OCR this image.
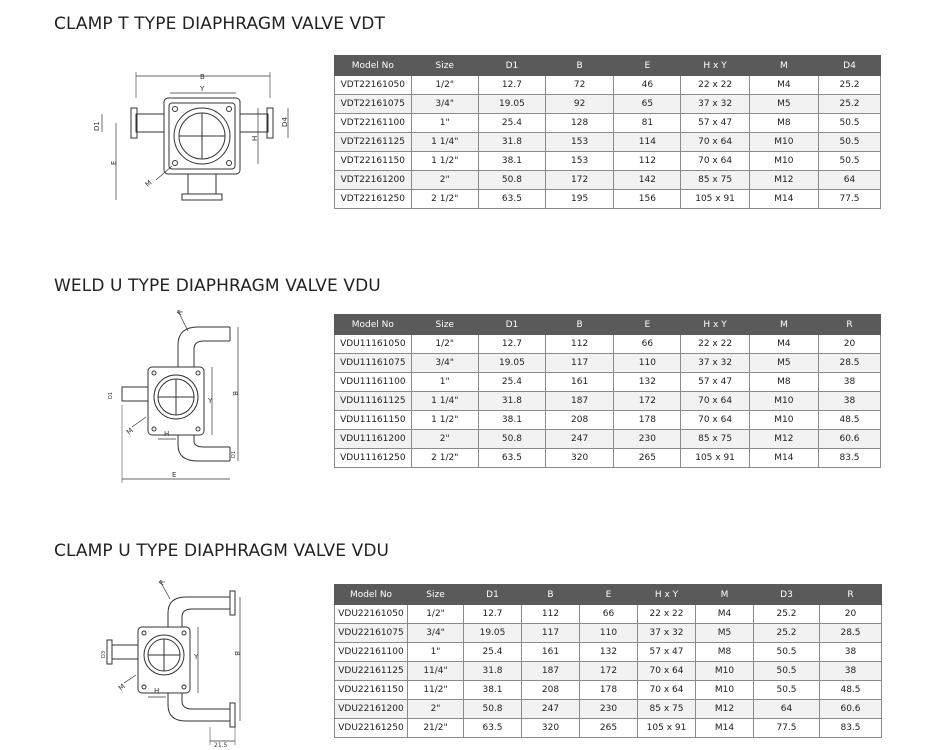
CLAMP T TYPE DIAPHRAGM VALVE VDT
B
Y
D1
H
D4
E
M
Model No	Size	D1	B	E	H x Y	M	D4
VDT22161050	1/2"	12.7	72	46	22 x 22	M4	25.2
VDT22161075	3/4"	19.05	92	65	37 x 32	M5	25.2
VDT22161100	1"	25.4	128	81	57 x 47	M8	50.5
VDT22161125	1 1/4"	31.8	153	114	70 x 64	M10	50.5
VDT22161150	1 1/2"	38.1	153	112	70 x 64	M10	50.5
VDT22161200	2"	50.8	172	142	85 x 75	M12	64
VDT22161250	2 1/2"	63.5	195	156	105 x 91	M14	77.5
WELD U TYPE DIAPHRAGM VALVE VDU
R
Y
B
D1
D1
M	H
E
Model No	Size	D1	B	E	H x Y	M	R
VDU11161050	1/2"	12.7	112	66	22 x 22	M4	20
VDU11161075	3/4"	19.05	117	110	37 x 32	M5	28.5
VDU11161100	1"	25.4	161	132	57 x 47	M8	38
VDU11161125	1 1/4"	31.8	187	172	70 x 64	M10	38
VDU11161150	1 1/2"	38.1	208	178	70 x 64	M10	48.5
VDU11161200	2"	50.8	247	230	85 x 75	M12	60.6
VDU11161250	2 1/2"	63.5	320	265	105 x 91	M14	83.5
CLAMP U TYPE DIAPHRAGM VALVE VDU
R
Y	B
D3
M	H
21.5
Model No	Size	D1	B	E	H x Y	M	D3	R
VDU22161050	1/2"	12.7	112	66	22 x 22	M4	25.2	20
VDU22161075	3/4"	19.05	117	110	37 x 32	M5	25.2	28.5
VDU22161100	1"	25.4	161	132	57 x 47	M8	50.5	38
VDU22161125	11/4"	31.8	187	172	70 x 64	M10	50.5	38
VDU22161150	11/2"	38.1	208	178	70 x 64	M10	50.5	48.5
VDU22161200	2"	50.8	247	230	85 x 75	M12	64	60.6
VDU22161250	21/2"	63.5	320	265	105 x 91	M14	77.5	83.5
